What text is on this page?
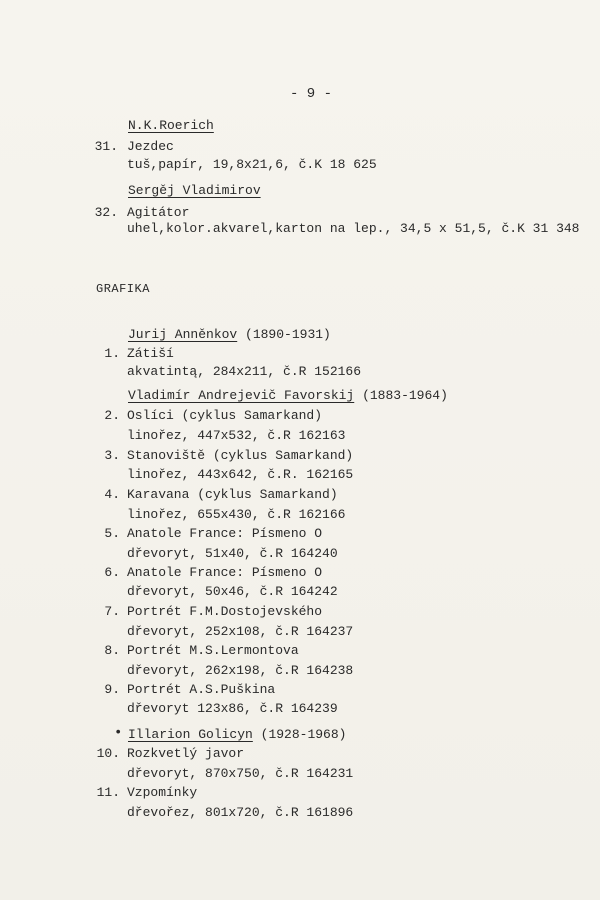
- 9 -
N.K.Roerich
31. Jezdec
tuš,papír, 19,8x21,6, č.K 18 625
Sergěj Vladimirov
32. Agitátor
uhel,kolor.akvarel,karton na lep., 34,5 x 51,5, č.K 31 348
GRAFIKA
Jurij Anněnkov (1890-1931)
1. Zátiší
akvatintą, 284x211, č.R 152166
Vladimír Andrejevič Favorskij (1883-1964)
2. Oslíci (cyklus Samarkand)
linořez, 447x532, č.R 162163
3. Stanoviště (cyklus Samarkand)
linořez, 443x642, č.R. 162165
4. Karavana (cyklus Samarkand)
linořez, 655x430, č.R 162166
5. Anatole France: Písmeno O
dřevoryt, 51x40, č.R 164240
6. Anatole France: Písmeno O
dřevoryt, 50x46, č.R 164242
7. Portrét F.M.Dostojevského
dřevoryt, 252x108, č.R 164237
8. Portrét M.S.Lermontova
dřevoryt, 262x198, č.R 164238
9. Portrét A.S.Puškina
dřevoryt 123x86, č.R 164239
• Illarion Golicyn (1928-1968)
10. Rozkvetlý javor
dřevoryt, 870x750, č.R 164231
11. Vzpomínky
dřevořez, 801x720, č.R 161896
